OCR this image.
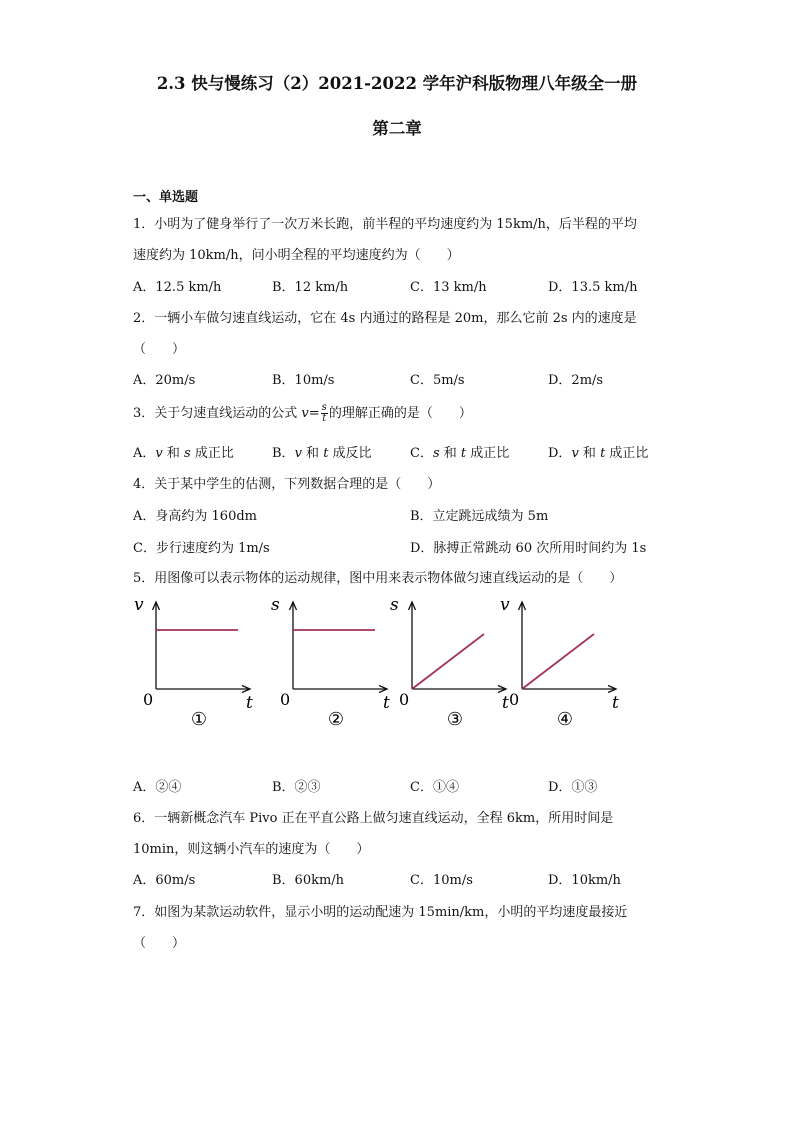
2.3 快与慢练习（2）2021-2022 学年沪科版物理八年级全一册
第二章
一、单选题
1．小明为了健身举行了一次万米长跑，前半程的平均速度约为 15km/h，后半程的平均
速度约为 10km/h，问小明全程的平均速度约为（　　）
A．12.5 km/h	B．12 km/h	C．13 km/h	D．13.5 km/h
2．一辆小车做匀速直线运动，它在 4s 内通过的路程是 20m，那么它前 2s 内的速度是
（　　）
A．20m/s	B．10m/s	C．5m/s	D．2m/s
3．关于匀速直线运动的公式 $v= \frac{s}{t}$ 的理解正确的是（　　）
A．v 和 s 成正比	B．v 和 t 成反比	C．s 和 t 成正比	D．v 和 t 成正比
4．关于某中学生的估测，下列数据合理的是（　　）
A．身高约为 160dm	B．立定跳远成绩为 5m
C．步行速度约为 1m/s	D．脉搏正常跳动 60 次所用时间约为 1s
5．用图像可以表示物体的运动规律，图中用来表示物体做匀速直线运动的是（　　）
v
t
0
①
s
t
0
②
s
t
0
③
v
t
0
④
A．②④	B．②③	C．①④	D．①③
6．一辆新概念汽车 Pivo 正在平直公路上做匀速直线运动，全程 6km，所用时间是
10min，则这辆小汽车的速度为（　　）
A．60m/s	B．60km/h	C．10m/s	D．10km/h
7．如图为某款运动软件，显示小明的运动配速为 15min/km，小明的平均速度最接近
（　　）
